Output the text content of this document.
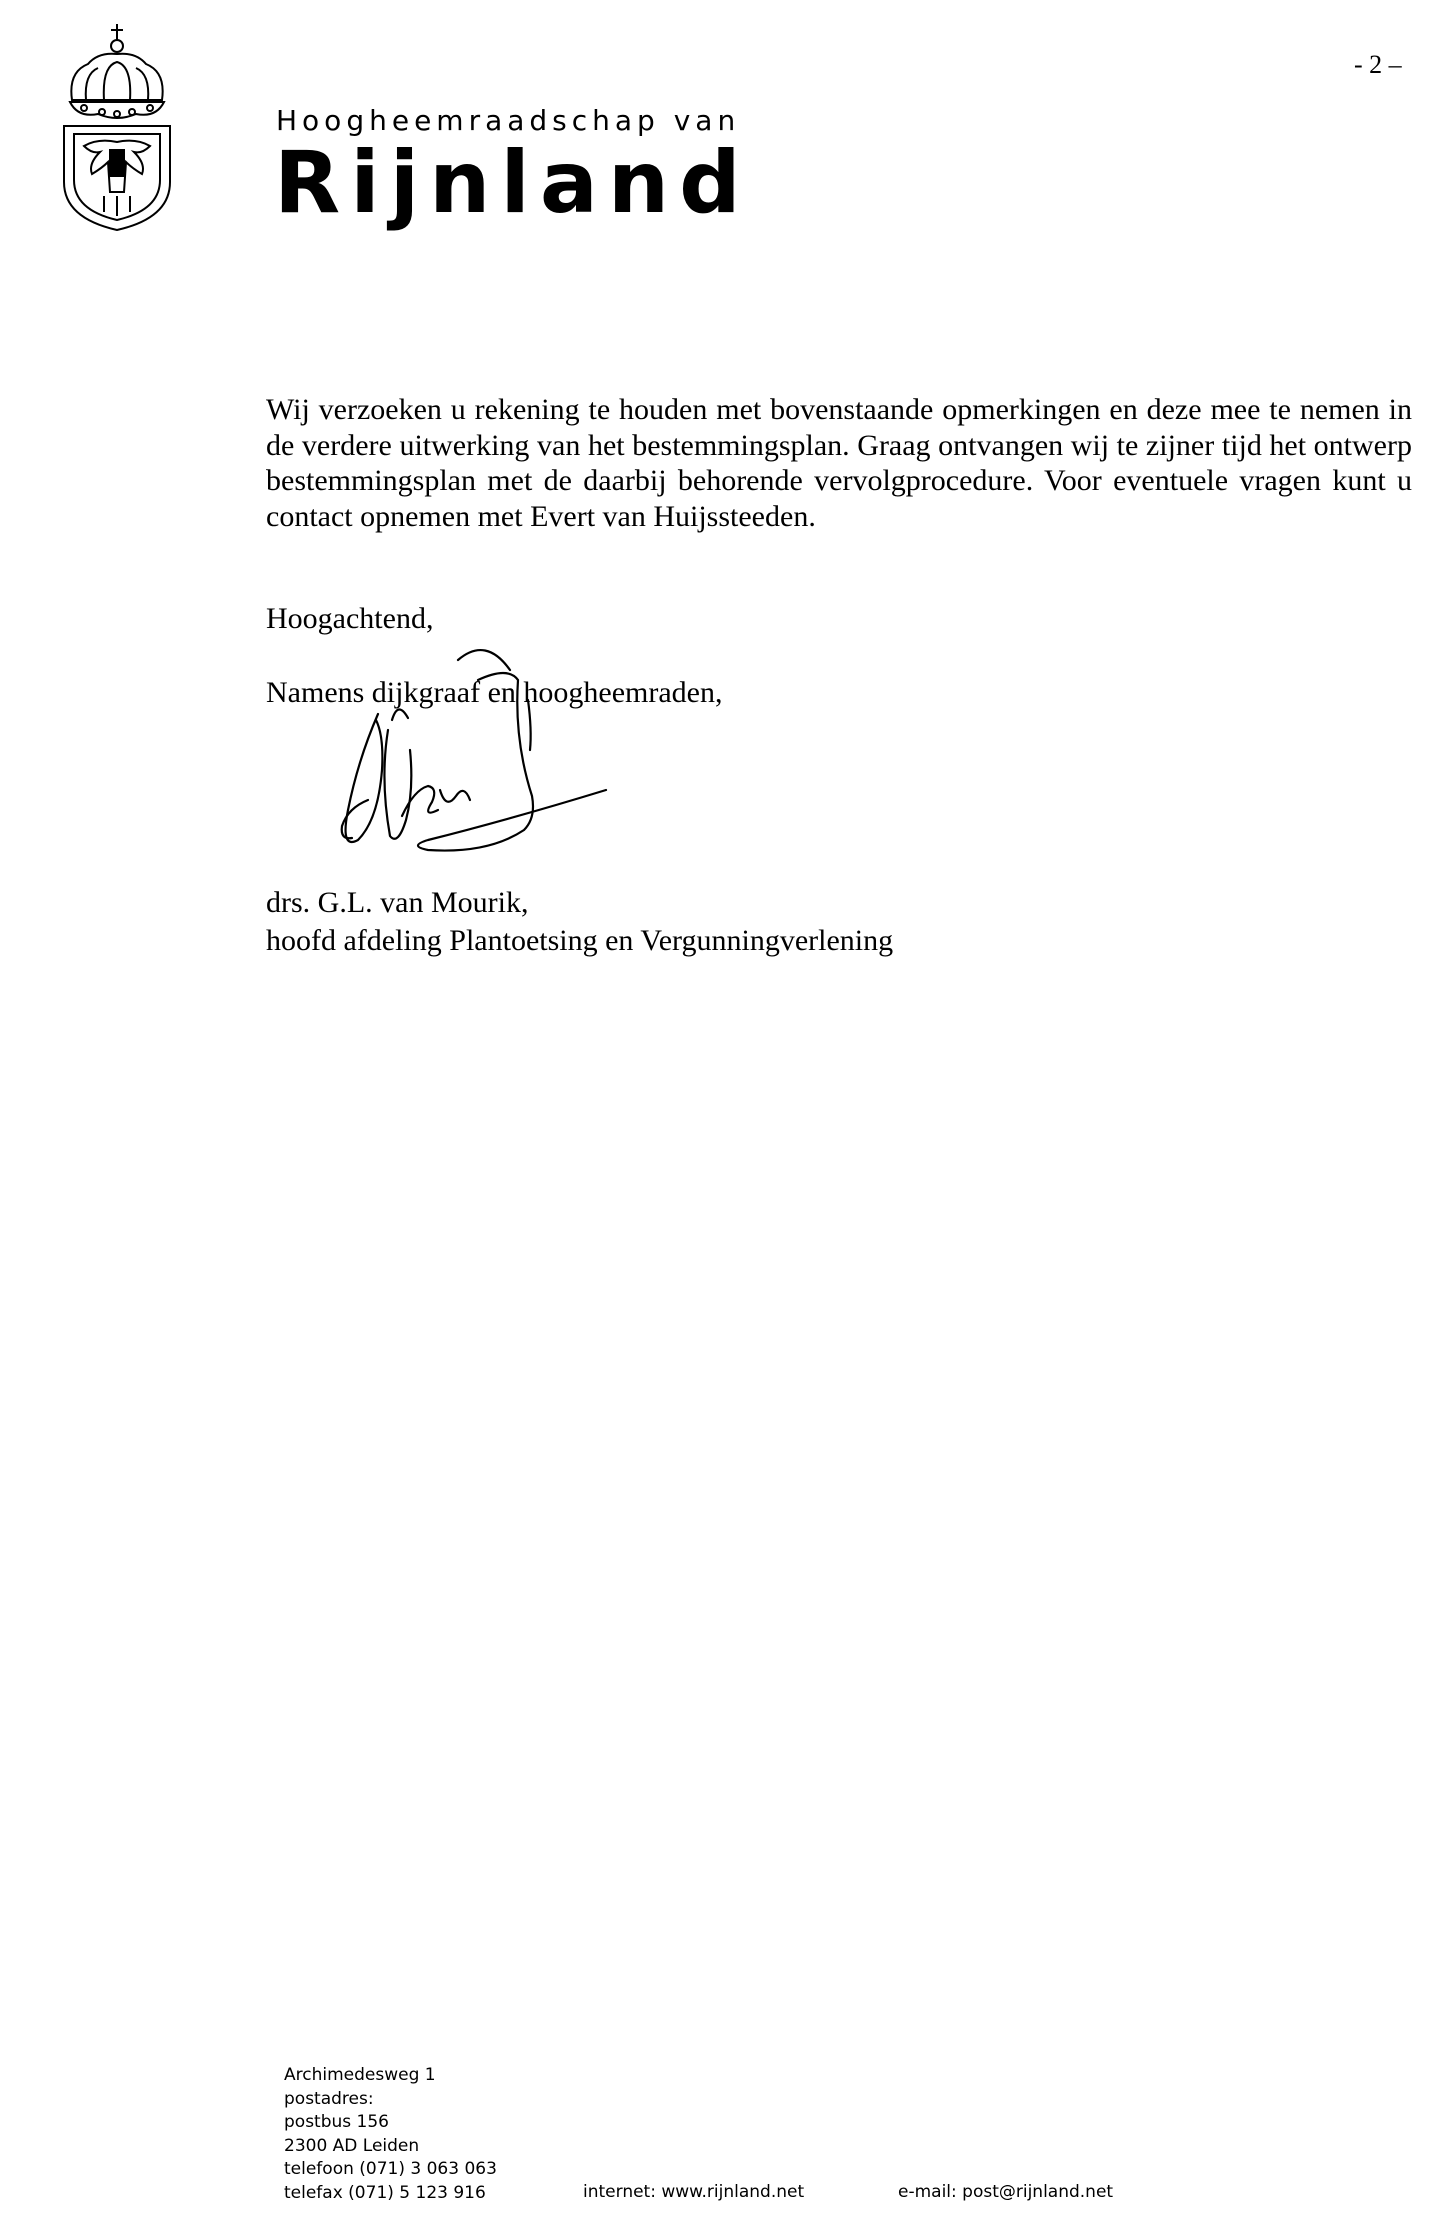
Hoogheemraadschap van
Rijnland
- 2 –

Wij verzoeken u rekening te houden met bovenstaande opmerkingen en deze mee te nemen in de verdere uitwerking van het bestemmingsplan. Graag ontvangen wij te zijner tijd het ontwerp bestemmingsplan met de daarbij behorende vervolgprocedure. Voor eventuele vragen kunt u contact opnemen met Evert van Huijssteeden.

Hoogachtend,
Namens dijkgraaf en hoogheemraden,
drs. G.L. van Mourik,
hoofd afdeling Plantoetsing en Vergunningverlening
Archimedesweg 1
postadres:
postbus 156
2300 AD Leiden
telefoon (071) 3 063 063
telefax (071) 5 123 916	internet: www.rijnland.net	e-mail: post@rijnland.net
